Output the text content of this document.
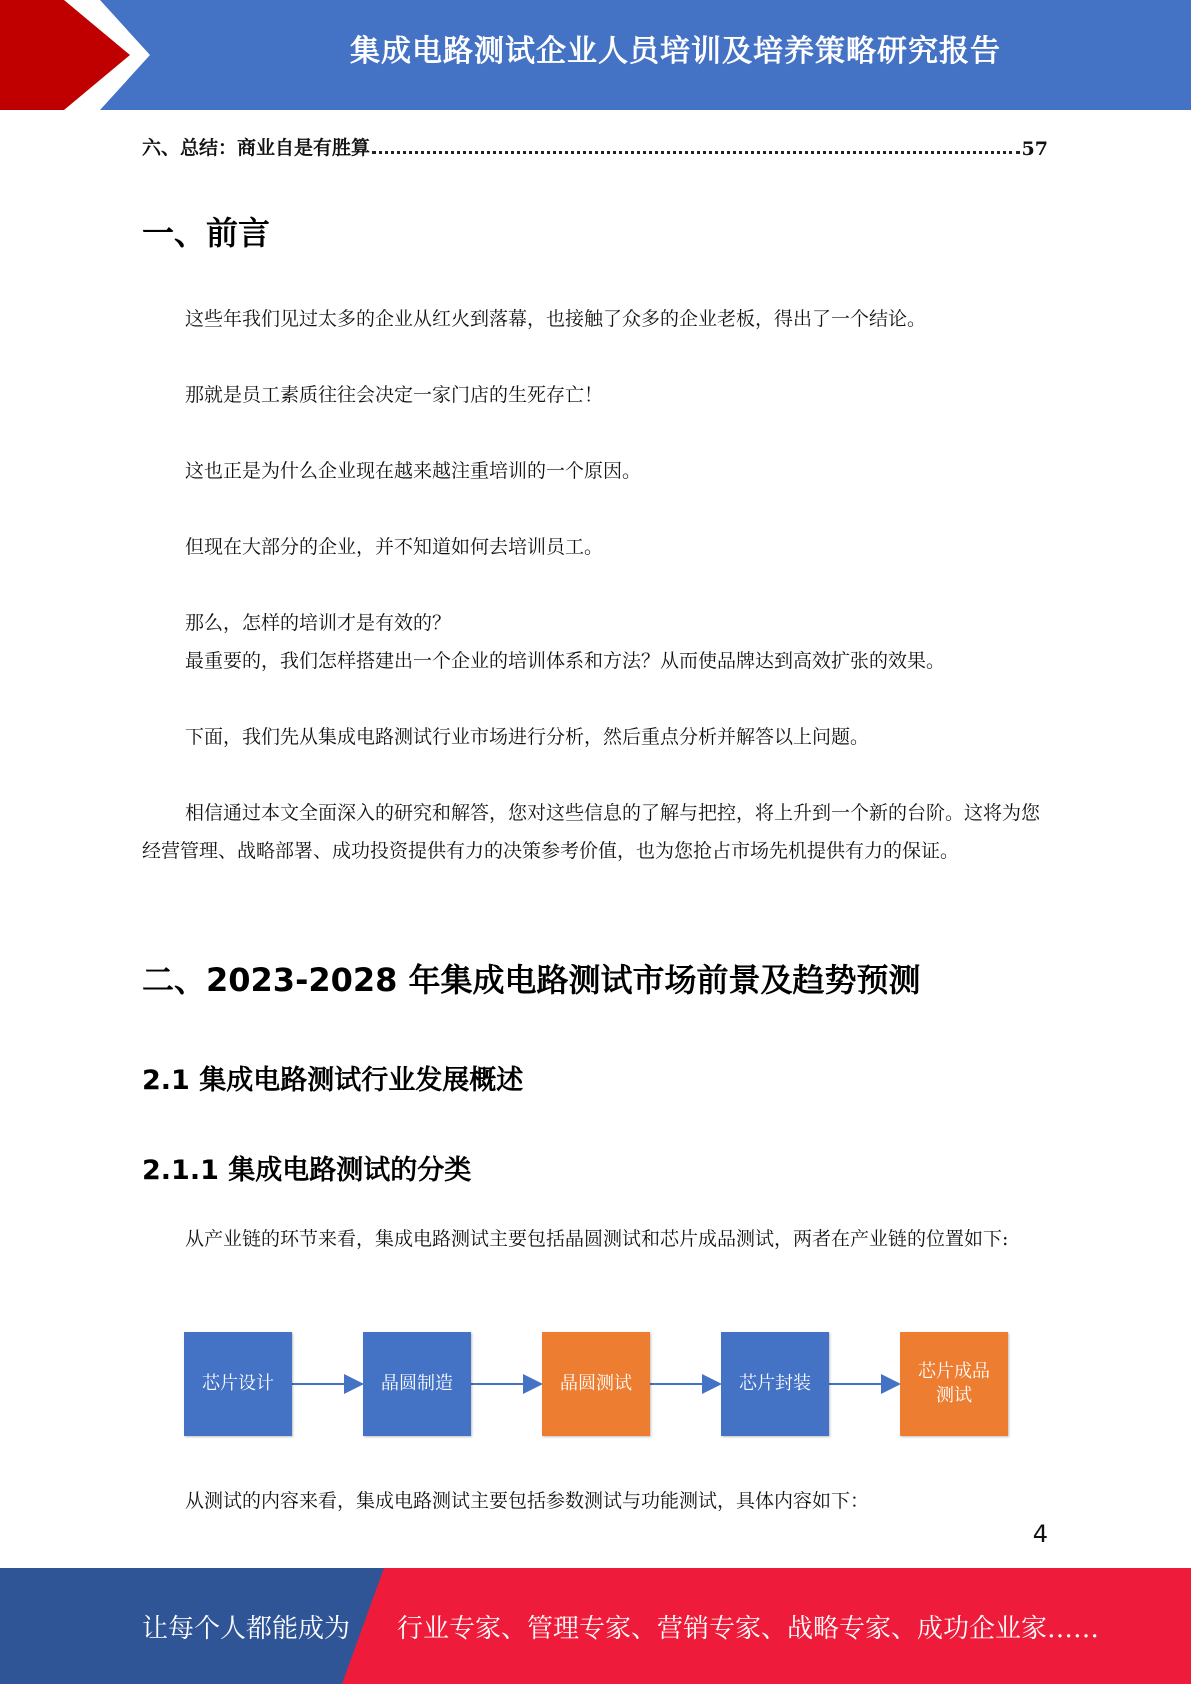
集成电路测试企业人员培训及培养策略研究报告
六、总结：商业自是有胜算	57
一、前言
这些年我们见过太多的企业从红火到落幕，也接触了众多的企业老板，得出了一个结论。
那就是员工素质往往会决定一家门店的生死存亡！
这也正是为什么企业现在越来越注重培训的一个原因。
但现在大部分的企业，并不知道如何去培训员工。
那么，怎样的培训才是有效的？
最重要的，我们怎样搭建出一个企业的培训体系和方法？从而使品牌达到高效扩张的效果。
下面，我们先从集成电路测试行业市场进行分析，然后重点分析并解答以上问题。
相信通过本文全面深入的研究和解答，您对这些信息的了解与把控，将上升到一个新的台阶。这将为您经营管理、战略部署、成功投资提供有力的决策参考价值，也为您抢占市场先机提供有力的保证。
二、2023-2028 年集成电路测试市场前景及趋势预测
2.1 集成电路测试行业发展概述
2.1.1 集成电路测试的分类
从产业链的环节来看，集成电路测试主要包括晶圆测试和芯片成品测试，两者在产业链的位置如下:
芯片设计	晶圆制造	晶圆测试	芯片封装
芯片成品测试
从测试的内容来看，集成电路测试主要包括参数测试与功能测试，具体内容如下：
4
让每个人都能成为 行业专家、管理专家、营销专家、战略专家、成功企业家……
